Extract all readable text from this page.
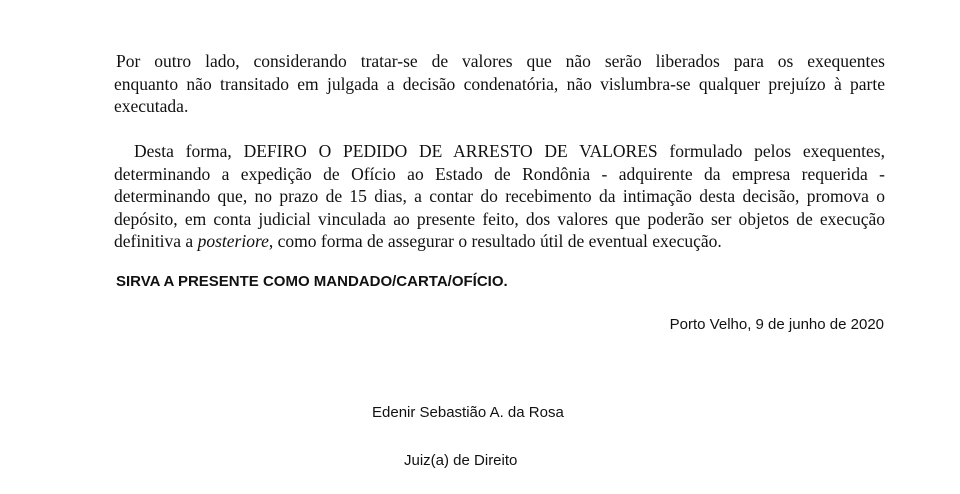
Por outro lado, considerando tratar-se de valores que não serão liberados para os exequentes
enquanto não transitado em julgada a decisão condenatória, não vislumbra-se qualquer prejuízo à parte
executada.

Desta forma, DEFIRO O PEDIDO DE ARRESTO DE VALORES formulado pelos exequentes,
determinando a expedição de Ofício ao Estado de Rondônia - adquirente da empresa requerida -
determinando que, no prazo de 15 dias, a contar do recebimento da intimação desta decisão, promova o
depósito, em conta judicial vinculada ao presente feito, dos valores que poderão ser objetos de execução
definitiva a posteriore, como forma de assegurar o resultado útil de eventual execução.

SIRVA A PRESENTE COMO MANDADO/CARTA/OFÍCIO.
Porto Velho, 9 de junho de 2020
Edenir Sebastião A. da Rosa
Juiz(a) de Direito
